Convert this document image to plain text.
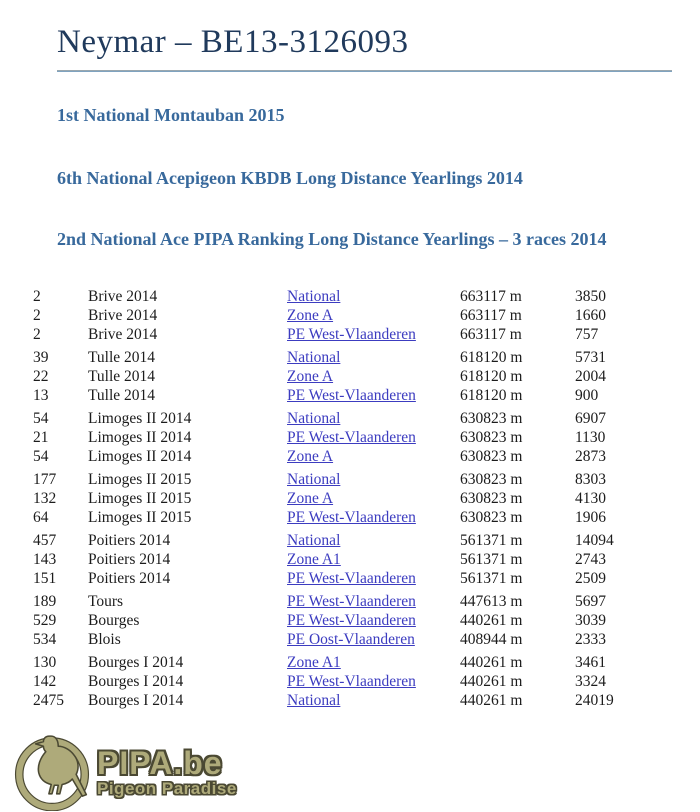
Neymar – BE13-3126093
1st National Montauban 2015
6th National Acepigeon KBDB Long Distance Yearlings 2014
2nd National Ace PIPA Ranking Long Distance Yearlings – 3 races 2014
2	Brive 2014	National	663117 m	3850
2	Brive 2014	Zone A	663117 m	1660
2	Brive 2014	PE West-Vlaanderen	663117 m	757
39	Tulle 2014	National	618120 m	5731
22	Tulle 2014	Zone A	618120 m	2004
13	Tulle 2014	PE West-Vlaanderen	618120 m	900
54	Limoges II 2014	National	630823 m	6907
21	Limoges II 2014	PE West-Vlaanderen	630823 m	1130
54	Limoges II 2014	Zone A	630823 m	2873
177	Limoges II 2015	National	630823 m	8303
132	Limoges II 2015	Zone A	630823 m	4130
64	Limoges II 2015	PE West-Vlaanderen	630823 m	1906
457	Poitiers 2014	National	561371 m	14094
143	Poitiers 2014	Zone A1	561371 m	2743
151	Poitiers 2014	PE West-Vlaanderen	561371 m	2509
189	Tours	PE West-Vlaanderen	447613 m	5697
529	Bourges	PE West-Vlaanderen	440261 m	3039
534	Blois	PE Oost-Vlaanderen	408944 m	2333
130	Bourges I 2014	Zone A1	440261 m	3461
142	Bourges I 2014	PE West-Vlaanderen	440261 m	3324
2475	Bourges I 2014	National	440261 m	24019
PIPA.be
Pigeon Paradise
